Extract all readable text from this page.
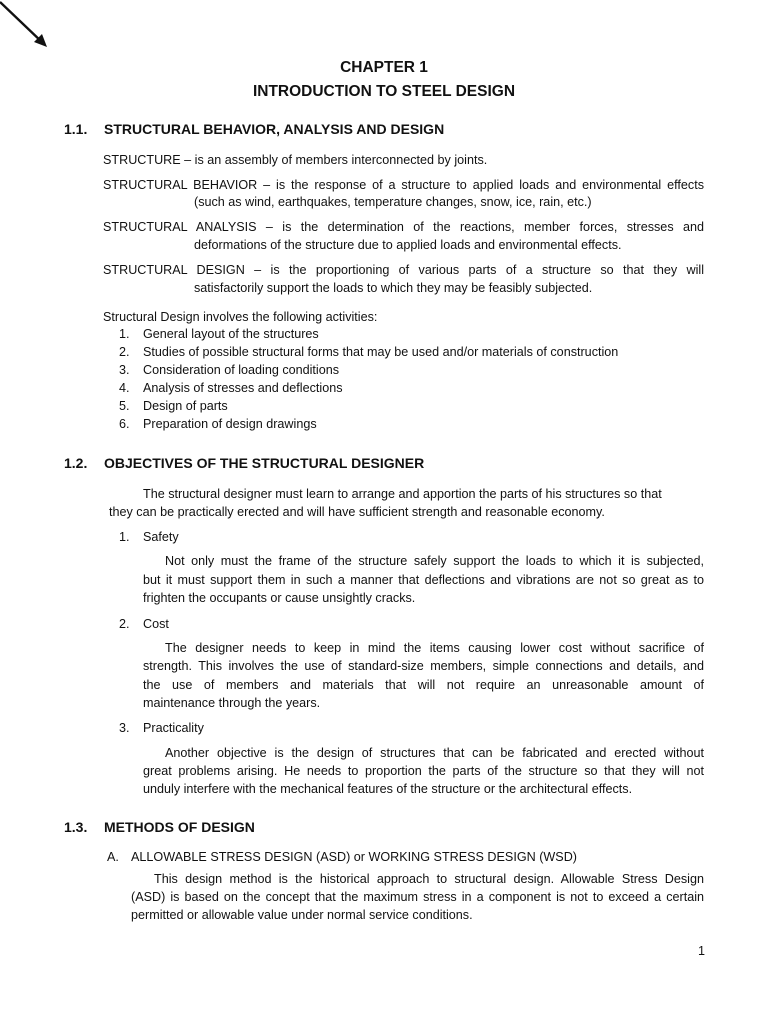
CHAPTER 1
INTRODUCTION TO STEEL DESIGN
1.1. STRUCTURAL BEHAVIOR, ANALYSIS AND DESIGN
STRUCTURE – is an assembly of members interconnected by joints.
STRUCTURAL BEHAVIOR – is the response of a structure to applied loads and environmental effects
(such as wind, earthquakes, temperature changes, snow, ice, rain, etc.)
STRUCTURAL ANALYSIS – is the determination of the reactions, member forces, stresses and
deformations of the structure due to applied loads and environmental effects.
STRUCTURAL DESIGN – is the proportioning of various parts of a structure so that they will
satisfactorily support the loads to which they may be feasibly subjected.
Structural Design involves the following activities:
1. General layout of the structures
2. Studies of possible structural forms that may be used and/or materials of construction
3. Consideration of loading conditions
4. Analysis of stresses and deflections
5. Design of parts
6. Preparation of design drawings
1.2. OBJECTIVES OF THE STRUCTURAL DESIGNER
The structural designer must learn to arrange and apportion the parts of his structures so that
they can be practically erected and will have sufficient strength and reasonable economy.
1. Safety
Not only must the frame of the structure safely support the loads to which it is subjected,
but it must support them in such a manner that deflections and vibrations are not so great as to
frighten the occupants or cause unsightly cracks.
2. Cost
The designer needs to keep in mind the items causing lower cost without sacrifice of
strength. This involves the use of standard-size members, simple connections and details, and
the use of members and materials that will not require an unreasonable amount of
maintenance through the years.
3. Practicality
Another objective is the design of structures that can be fabricated and erected without
great problems arising. He needs to proportion the parts of the structure so that they will not
unduly interfere with the mechanical features of the structure or the architectural effects.
1.3. METHODS OF DESIGN
A. ALLOWABLE STRESS DESIGN (ASD) or WORKING STRESS DESIGN (WSD)
This design method is the historical approach to structural design. Allowable Stress Design
(ASD) is based on the concept that the maximum stress in a component is not to exceed a certain
permitted or allowable value under normal service conditions.
1
